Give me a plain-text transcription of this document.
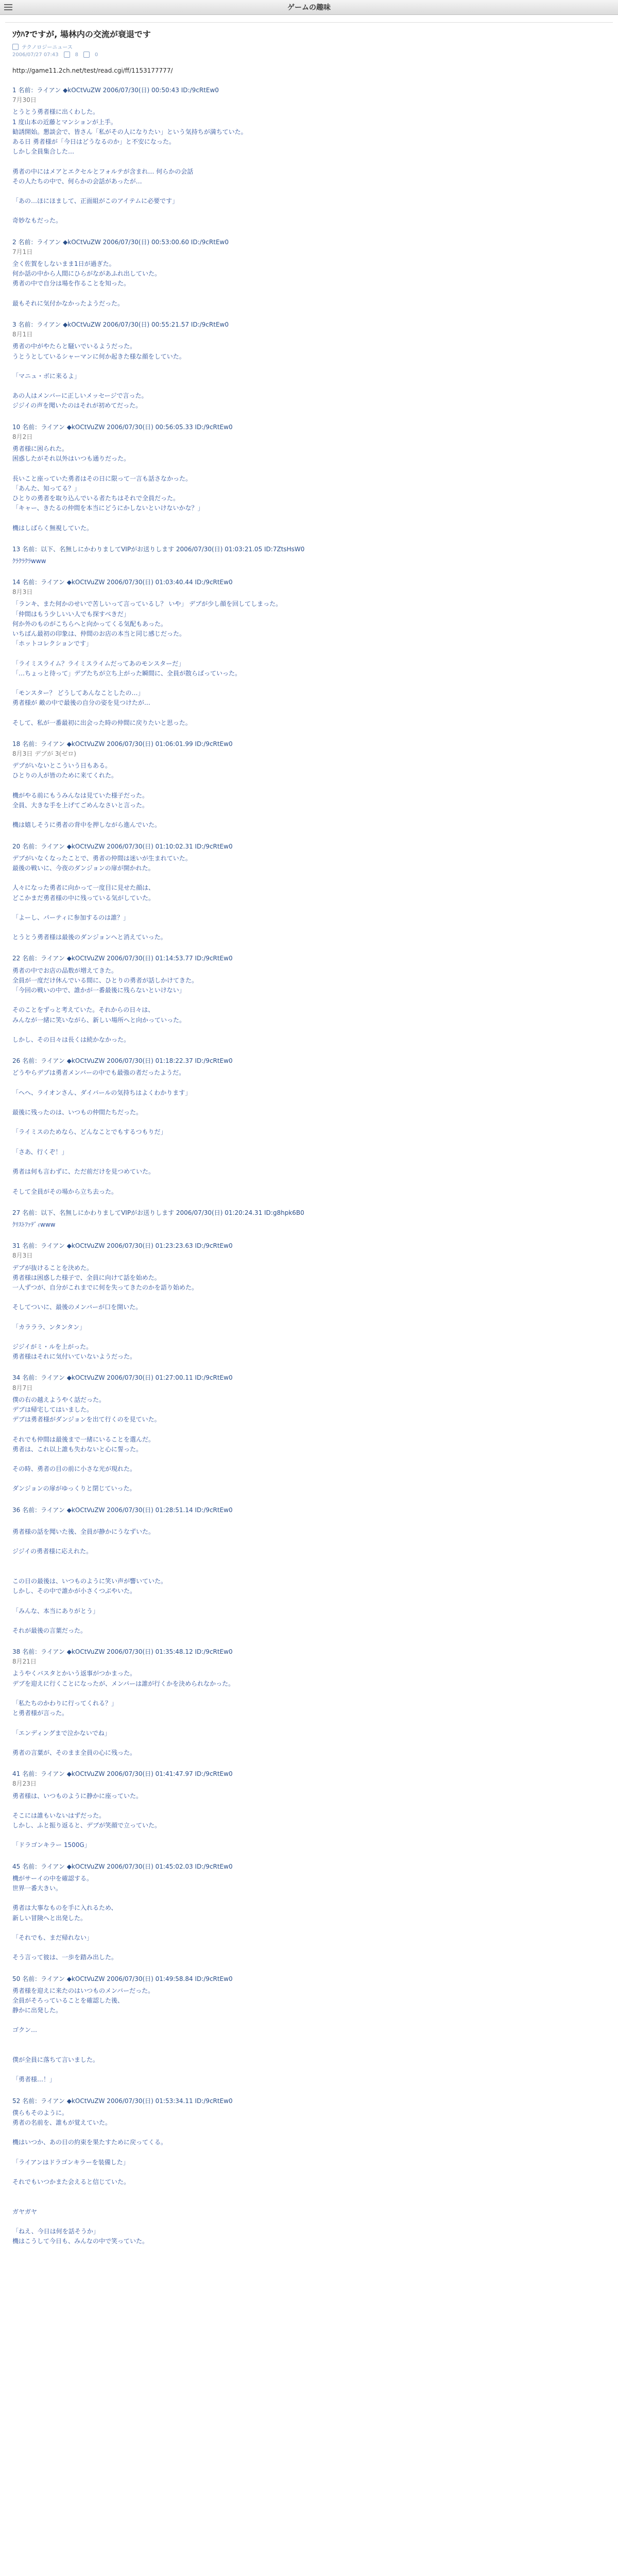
ゲームの趣味
ｿｳﾊ?ですが, 場林内の交流が衰退です
テクノロジーニュース
2006/07/27 07:43	8	0
http://game11.2ch.net/test/read.cgi/ff/1153177777/
1 名前：ライアン ◆kOCtVuZW 2006/07/30(日) 00:50:43 ID:/9cRtEw0
7月30日
とうとう勇者様に出くわした。
1 度山本の近藤とマンションが上手。
勧誘開始。懇談会で、皆さん「私がその人になりたい」という気持ちが満ちていた。
ある日 勇者様が「今日はどうなるのか」と不安になった。
しかし全員集合した…

勇者の中にはメアとエクセルとフォルテが含まれ… 何らかの会話
その人たちの中で、何らかの会話があったが…

「あの…ほにほまして、正面組がこのアイテムに必要です」

奇妙なもだった。
2 名前：ライアン ◆kOCtVuZW 2006/07/30(日) 00:53:00.60 ID:/9cRtEw0
7月1日
全く佐賀をしないまま1日が過ぎた。
何か話の中から人間にひらがながあふれ出していた。
勇者の中で自分は場を作ることを知った。

最もそれに気付かなかったようだった。
3 名前：ライアン ◆kOCtVuZW 2006/07/30(日) 00:55:21.57 ID:/9cRtEw0
8月1日
勇者の中がやたらと騒いでいるようだった。
うとうとしているシャーマンに何か起きた様な顔をしていた。

「マニュ・ボに来るよ」

あの人はメンバーに正しいメッセージで言った。
ジジイの声を聞いたのはそれが初めてだった。
10 名前：ライアン ◆kOCtVuZW 2006/07/30(日) 00:56:05.33 ID:/9cRtEw0
8月2日
勇者様に困られた。
困惑したがそれ以外はいつも通りだった。

長いこと座っていた勇者はその日に限って一言も話さなかった。
「あんた、知ってる？」
ひとりの勇者を取り込んでいる者たちはそれで全員だった。
「キャー、きたるの仲間を本当にどうにかしないといけないかな？」

機はしばらく無視していた。
13 名前：以下、名無しにかわりましてVIPがお送りします 2006/07/30(日) 01:03:21.05 ID:7ZtsHsW0
ｸﾗｸﾗｸﾗwww
14 名前：ライアン ◆kOCtVuZW 2006/07/30(日) 01:03:40.44 ID:/9cRtEw0
8月3日
「ランキ、また何かのせいで苦しいって言っているし？ いや」 デブが少し顔を回してしまった。
「仲間はもう少しいい人でも探すべきだ」
何か外のものがこちらへと向かってくる気配もあった。
いちばん最初の印象は、仲間のお店の本当と同じ感じだった。
「ホットコレクションです」

「ライミスライム？ライミスライムだってあのモンスターだ」
「…ちょっと待って」デブたちが立ち上がった瞬間に、全員が散らばっていった。

「モンスター？ どうしてあんなことしたの…」
勇者様が 敵の中で最後の自分の姿を見つけたが…

そして、私が一番最初に出会った時の仲間に戻りたいと思った。
18 名前：ライアン ◆kOCtVuZW 2006/07/30(日) 01:06:01.99 ID:/9cRtEw0
8月3日 デブが 3(ゼロ)
デブがいないとこういう日もある。
ひとりの人が皆のために来てくれた。

機がやる前にもうみんなは見ていた様子だった。
全員、大きな手を上げてごめんなさいと言った。

機は嬉しそうに勇者の背中を押しながら進んでいた。
20 名前：ライアン ◆kOCtVuZW 2006/07/30(日) 01:10:02.31 ID:/9cRtEw0
デブがいなくなったことで、勇者の仲間は迷いが生まれていた。
最後の戦いに、今夜のダンジョンの扉が開かれた。

人々になった勇者に向かって一度目に見せた顔は、
どこかまだ勇者様の中に残っている気がしていた。

「よーし、パーティに参加するのは誰？」

とうとう勇者様は最後のダンジョンへと消えていった。
22 名前：ライアン ◆kOCtVuZW 2006/07/30(日) 01:14:53.77 ID:/9cRtEw0
勇者の中でお店の品数が増えてきた。
全員が一度だけ休んでいる間に、ひとりの勇者が話しかけてきた。
「今回の戦いの中で、誰かが一番最後に残らないといけない」

そのことをずっと考えていた。それからの日々は、
みんなが一緒に笑いながら、新しい場所へと向かっていった。

しかし、その日々は長くは続かなかった。
26 名前：ライアン ◆kOCtVuZW 2006/07/30(日) 01:18:22.37 ID:/9cRtEw0
どうやらデブは勇者メンバーの中でも最強の者だったようだ。

「ヘヘ、ライオンさん、ダイバールの気持ちはよくわかります」

最後に残ったのは、いつもの仲間たちだった。

「ライミスのためなら、どんなことでもするつもりだ」

「さあ、行くぞ！」

勇者は何も言わずに、ただ前だけを見つめていた。

そして全員がその場から立ち去った。
27 名前：以下、名無しにかわりましてVIPがお送りします 2006/07/30(日) 01:20:24.31 ID:g8hpk6B0
ｸﾘｽﾄﾌｧﾃﾞｨwww
31 名前：ライアン ◆kOCtVuZW 2006/07/30(日) 01:23:23.63 ID:/9cRtEw0
8月3日
デブが抜けることを決めた。
勇者様は困惑した様子で、全員に向けて話を始めた。
一人ずつが、自分がこれまでに何を失ってきたのかを語り始めた。

そしてついに、最後のメンバーが口を開いた。

「カラララ、ンタンタン」

ジジイがミ・ルを上がった。
勇者様はそれに気付いていないようだった。
34 名前：ライアン ◆kOCtVuZW 2006/07/30(日) 01:27:00.11 ID:/9cRtEw0
8月7日
僕の右の越えようやく話だった。
デブは帰宅してはいました。
デブは勇者様がダンジョンを出て行くのを見ていた。

それでも仲間は最後まで一緒にいることを選んだ。
勇者は、これ以上誰も失わないと心に誓った。

その時、勇者の目の前に小さな光が現れた。

ダンジョンの扉がゆっくりと閉じていった。
36 名前：ライアン ◆kOCtVuZW 2006/07/30(日) 01:28:51.14 ID:/9cRtEw0

勇者様の話を聞いた後、全員が静かにうなずいた。

ジジイの勇者様に応えれた。

この日の最後は、いつものように笑い声が響いていた。
しかし、その中で誰かが小さくつぶやいた。

「みんな、本当にありがとう」

それが最後の言葉だった。
38 名前：ライアン ◆kOCtVuZW 2006/07/30(日) 01:35:48.12 ID:/9cRtEw0
8月21日
ようやくバスタとかいう返事がつかまった。
デブを迎えに行くことになったが、メンバーは誰が行くかを決められなかった。

「私たちのかわりに行ってくれる？」
と勇者様が言った。

「エンディングまで泣かないでね」

勇者の言葉が、そのまま全員の心に残った。
41 名前：ライアン ◆kOCtVuZW 2006/07/30(日) 01:41:47.97 ID:/9cRtEw0
8月23日
勇者様は、いつものように静かに座っていた。

そこには誰もいないはずだった。
しかし、ふと振り返ると、デブが笑顔で立っていた。

「ドラゴンキラー 1500G」
45 名前：ライアン ◆kOCtVuZW 2006/07/30(日) 01:45:02.03 ID:/9cRtEw0
機がサーイの中を確認する。
世界一番大きい。

勇者は大事なものを手に入れるため、
新しい冒険へと出発した。

「それでも、まだ帰れない」

そう言って彼は、一歩を踏み出した。
50 名前：ライアン ◆kOCtVuZW 2006/07/30(日) 01:49:58.84 ID:/9cRtEw0
勇者様を迎えに来たのはいつものメンバーだった。
全員がそろっていることを確認した後、
静かに出発した。

ゴクン…

僕が全員に落ちて言いました。

「勇者様…！」
52 名前：ライアン ◆kOCtVuZW 2006/07/30(日) 01:53:34.11 ID:/9cRtEw0
僕らもそのように。
勇者の名前を、誰もが覚えていた。

機はいつか、あの日の約束を果たすために戻ってくる。

「ライアンはドラゴンキラーを装備した」

それでもいつかまた会えると信じていた。

ガヤガヤ

「ねえ、今日は何を話そうか」
機はこうして今日も、みんなの中で笑っていた。
